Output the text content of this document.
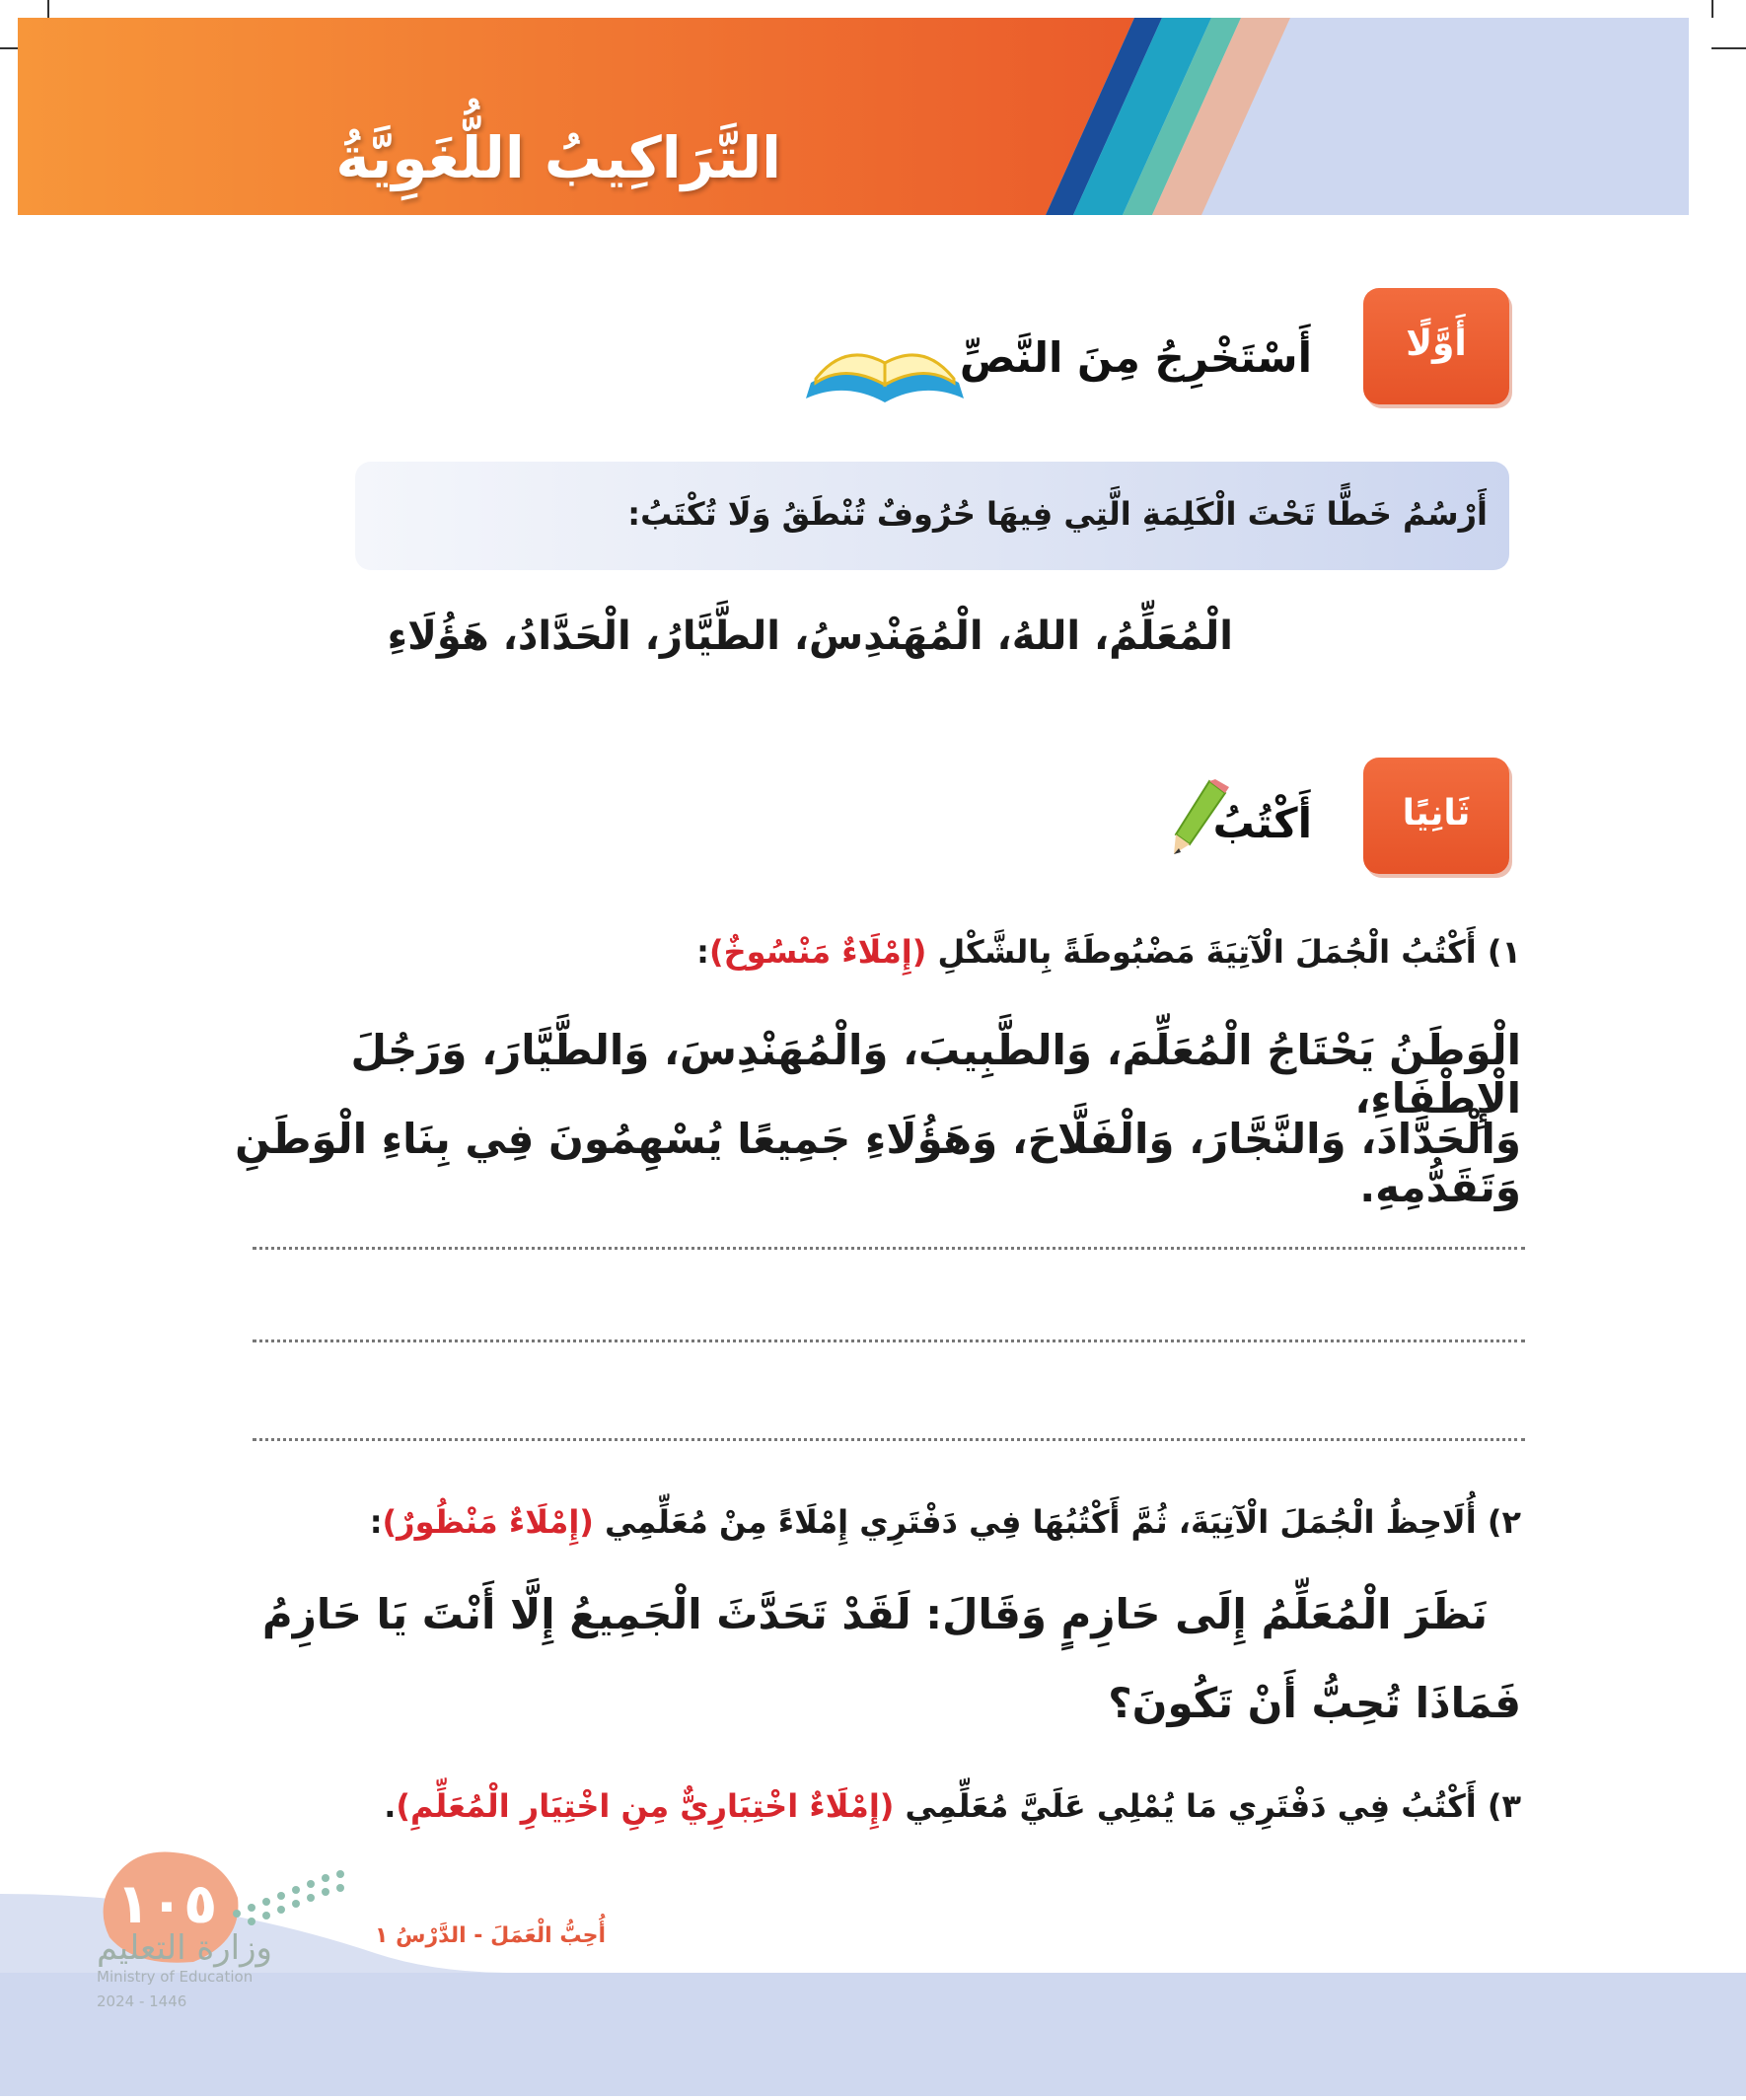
التَّرَاكِيبُ اللُّغَوِيَّةُ
أَوَّلًا
أَسْتَخْرِجُ مِنَ النَّصِّ
أَرْسُمُ خَطًّا تَحْتَ الْكَلِمَةِ الَّتِي فِيهَا حُرُوفٌ تُنْطَقُ وَلَا تُكْتَبُ:
الْمُعَلِّمُ، اللهُ، الْمُهَنْدِسُ، الطَّيَّارُ، الْحَدَّادُ، هَؤُلَاءِ
ثَانِيًا
أَكْتُبُ
١) أَكْتُبُ الْجُمَلَ الْآتِيَةَ مَضْبُوطَةً بِالشَّكْلِ (إِمْلَاءٌ مَنْسُوخٌ):
الْوَطَنُ يَحْتَاجُ الْمُعَلِّمَ، وَالطَّبِيبَ، وَالْمُهَنْدِسَ، وَالطَّيَّارَ، وَرَجُلَ الْإِطْفَاءِ،
وَالْحَدَّادَ، وَالنَّجَّارَ، وَالْفَلَّاحَ، وَهَؤُلَاءِ جَمِيعًا يُسْهِمُونَ فِي بِنَاءِ الْوَطَنِ وَتَقَدُّمِهِ.
٢) أُلَاحِظُ الْجُمَلَ الْآتِيَةَ، ثُمَّ أَكْتُبُهَا فِي دَفْتَرِي إِمْلَاءً مِنْ مُعَلِّمِي (إِمْلَاءٌ مَنْظُورٌ):
نَظَرَ الْمُعَلِّمُ إِلَى حَازِمٍ وَقَالَ: لَقَدْ تَحَدَّثَ الْجَمِيعُ إِلَّا أَنْتَ يَا حَازِمُ
فَمَاذَا تُحِبُّ أَنْ تَكُونَ؟
٣) أَكْتُبُ فِي دَفْتَرِي مَا يُمْلِي عَلَيَّ مُعَلِّمِي (إِمْلَاءٌ اخْتِبَارِيٌّ مِنِ اخْتِيَارِ الْمُعَلِّمِ).
١٠٥
وزارة التعليم
Ministry of Education
2024 - 1446
أُحِبُّ الْعَمَلَ - الدَّرْسُ ١
